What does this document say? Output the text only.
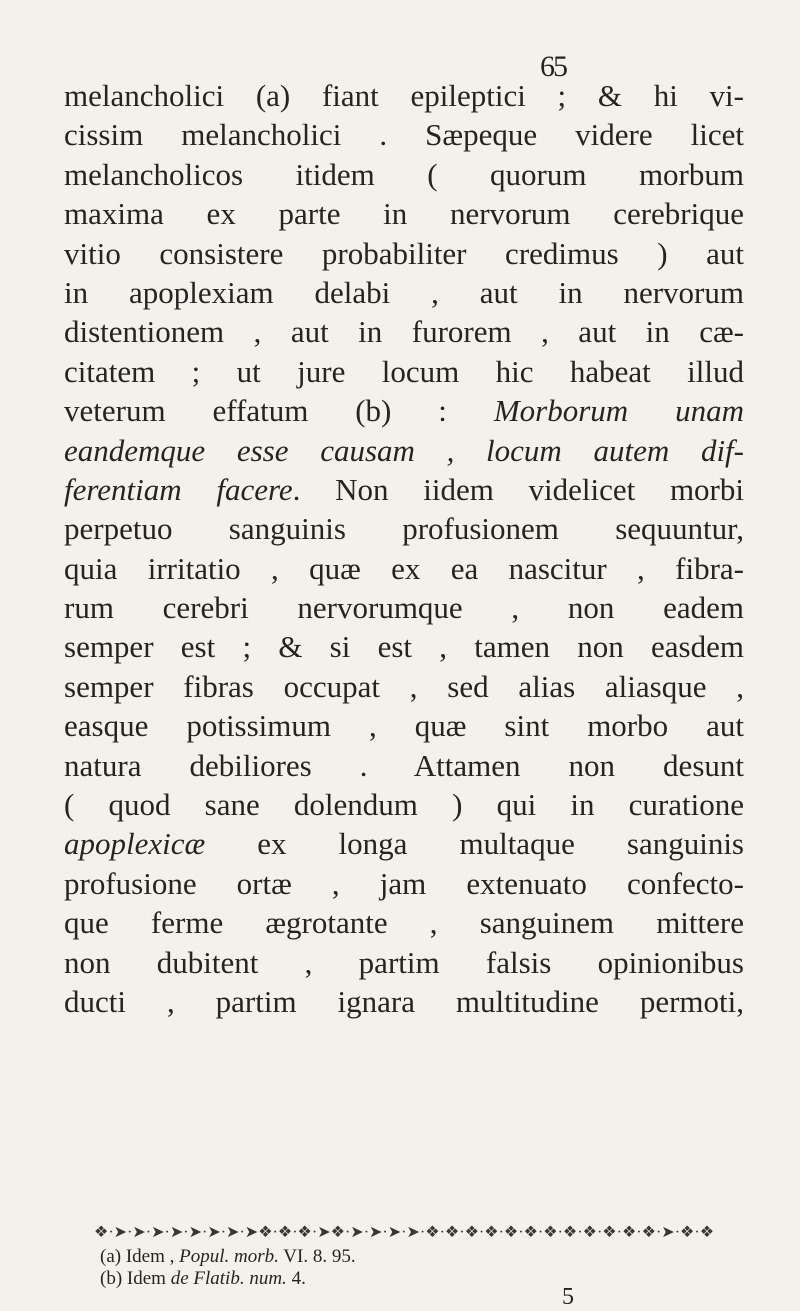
65
melancholici (a) fiant epileptici ; & hi vi-
cissim melancholici . Sæpeque videre licet
melancholicos itidem ( quorum morbum
maxima ex parte in nervorum cerebrique
vitio consistere probabiliter credimus ) aut
in apoplexiam delabi , aut in nervorum
distentionem , aut in furorem , aut in cæ-
citatem ; ut jure locum hic habeat illud
veterum effatum (b) : Morborum unam
eandemque esse causam , locum autem dif-
ferentiam facere. Non iidem videlicet morbi
perpetuo sanguinis profusionem sequuntur,
quia irritatio , quæ ex ea nascitur , fibra-
rum cerebri nervorumque , non eadem
semper est ; & si est , tamen non easdem
semper fibras occupat , sed alias aliasque ,
easque potissimum , quæ sint morbo aut
natura debiliores . Attamen non desunt
( quod sane dolendum ) qui in curatione
apoplexicæ ex longa multaque sanguinis
profusione ortæ , jam extenuato confecto-
que ferme ægrotante , sanguinem mittere
non dubitent , partim falsis opinionibus
ducti , partim ignara multitudine permoti,
❖·➤·➤·➤·➤·➤·➤·➤·➤❖·❖·❖·➤❖·➤·➤·➤·➤·❖·❖·❖·❖·❖·❖·❖·❖·❖·❖·❖·❖·➤·❖·❖
(a) Idem , Popul. morb. VI. 8. 95.
(b) Idem de Flatib. num. 4.
5
